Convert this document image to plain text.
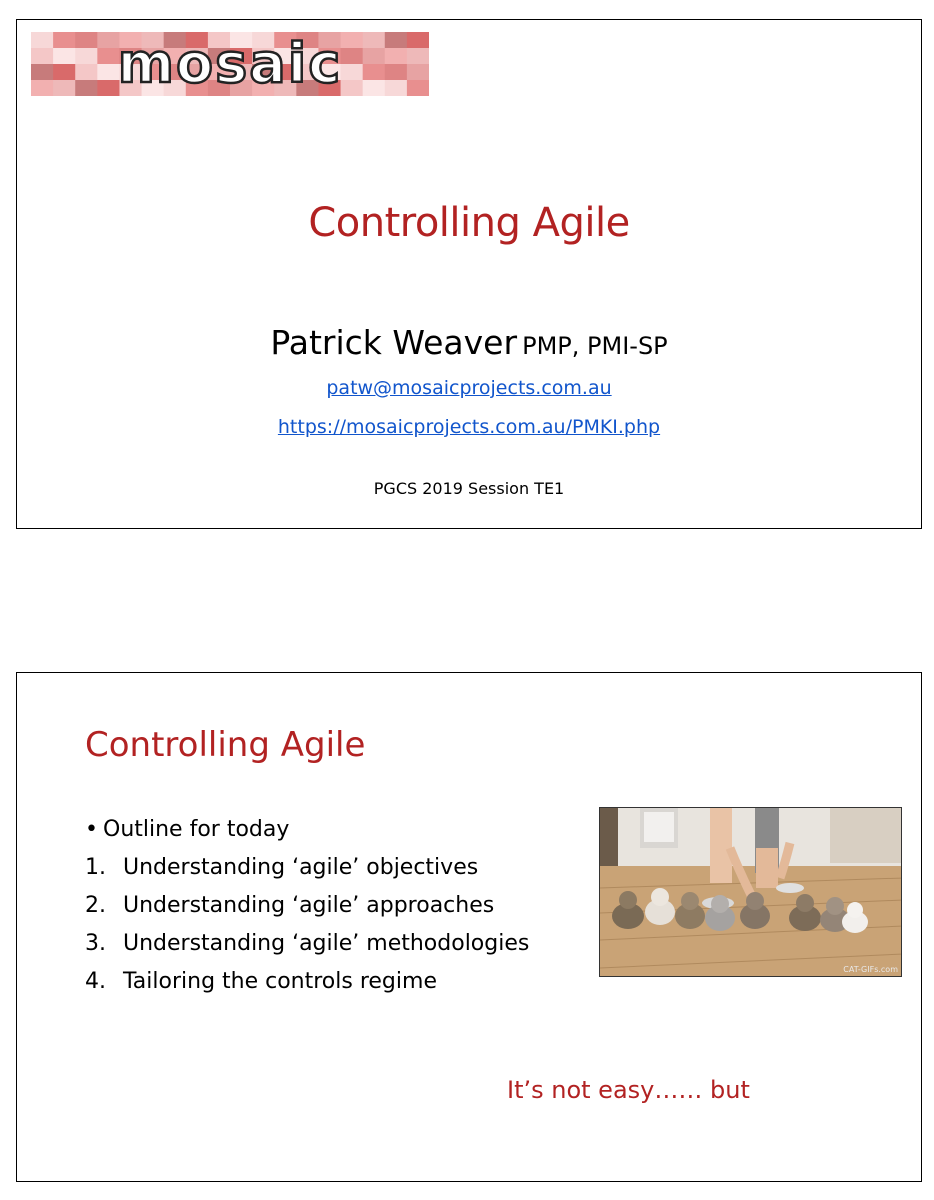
mosaic
Controlling Agile
Patrick Weaver PMP, PMI-SP
patw@mosaicprojects.com.au
https://mosaicprojects.com.au/PMKI.php
PGCS 2019 Session TE1
Controlling Agile
• Outline for today
1. Understanding ‘agile’ objectives
2. Understanding ‘agile’ approaches
3. Understanding ‘agile’ methodologies
4. Tailoring the controls regime	CAT-GIFs.com
It’s not easy…… but
